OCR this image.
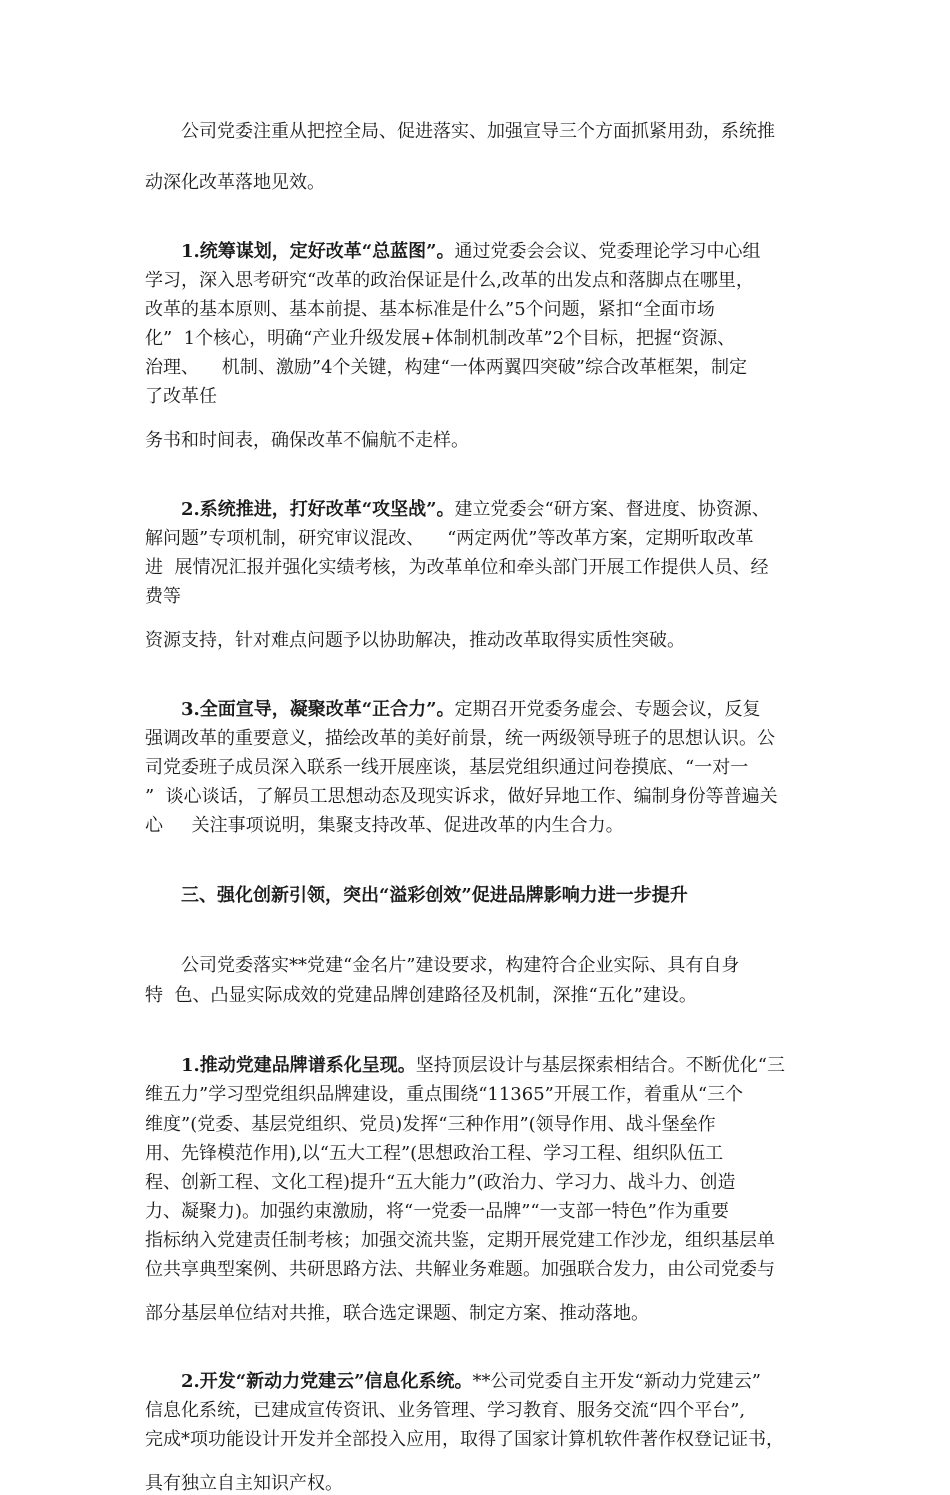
　　公司党委注重从把控全局、促进落实、加强宣导三个方面抓紧用劲，系统推
动深化改革落地见效。
　　1.统筹谋划，定好改革“总蓝图”。通过党委会会议、党委理论学习中心组
学习，深入思考研究“改革的政治保证是什么,改革的出发点和落脚点在哪里，
改革的基本原则、基本前提、基本标准是什么”5个问题，紧扣“全面市场
化”  1个核心，明确“产业升级发展+体制机制改革”2个目标，把握“资源、
治理、    机制、激励”4个关键，构建“一体两翼四突破”综合改革框架，制定
了改革任
务书和时间表，确保改革不偏航不走样。
　　2.系统推进，打好改革“攻坚战”。建立党委会“研方案、督进度、协资源、
解问题”专项机制，研究审议混改、    “两定两优”等改革方案，定期听取改革
进  展情况汇报并强化实绩考核，为改革单位和牵头部门开展工作提供人员、经
费等
资源支持，针对难点问题予以协助解决，推动改革取得实质性突破。
　　3.全面宣导，凝聚改革“正合力”。定期召开党委务虚会、专题会议，反复
强调改革的重要意义，描绘改革的美好前景，统一两级领导班子的思想认识。公
司党委班子成员深入联系一线开展座谈，基层党组织通过问卷摸底、“一对一
”  谈心谈话，了解员工思想动态及现实诉求，做好异地工作、编制身份等普遍关
心     关注事项说明，集聚支持改革、促进改革的内生合力。
　　三、强化创新引领，突出“溢彩创效”促进品牌影响力进一步提升
　　公司党委落实**党建“金名片”建设要求，构建符合企业实际、具有自身
特  色、凸显实际成效的党建品牌创建路径及机制，深推“五化”建设。
　　1.推动党建品牌谱系化呈现。坚持顶层设计与基层探索相结合。不断优化“三
维五力”学习型党组织品牌建设，重点围绕“11365”开展工作，着重从“三个
维度”(党委、基层党组织、党员)发挥“三种作用”(领导作用、战斗堡垒作
用、先锋模范作用),以“五大工程”(思想政治工程、学习工程、组织队伍工
程、创新工程、文化工程)提升“五大能力”(政治力、学习力、战斗力、创造
力、凝聚力)。加强约束激励，将“一党委一品牌”“一支部一特色”作为重要
指标纳入党建责任制考核；加强交流共鉴，定期开展党建工作沙龙，组织基层单
位共享典型案例、共研思路方法、共解业务难题。加强联合发力，由公司党委与
部分基层单位结对共推，联合选定课题、制定方案、推动落地。
　　2.开发“新动力党建云”信息化系统。**公司党委自主开发“新动力党建云”
信息化系统，已建成宣传资讯、业务管理、学习教育、服务交流“四个平台”,
完成*项功能设计开发并全部投入应用，取得了国家计算机软件著作权登记证书，
具有独立自主知识产权。
